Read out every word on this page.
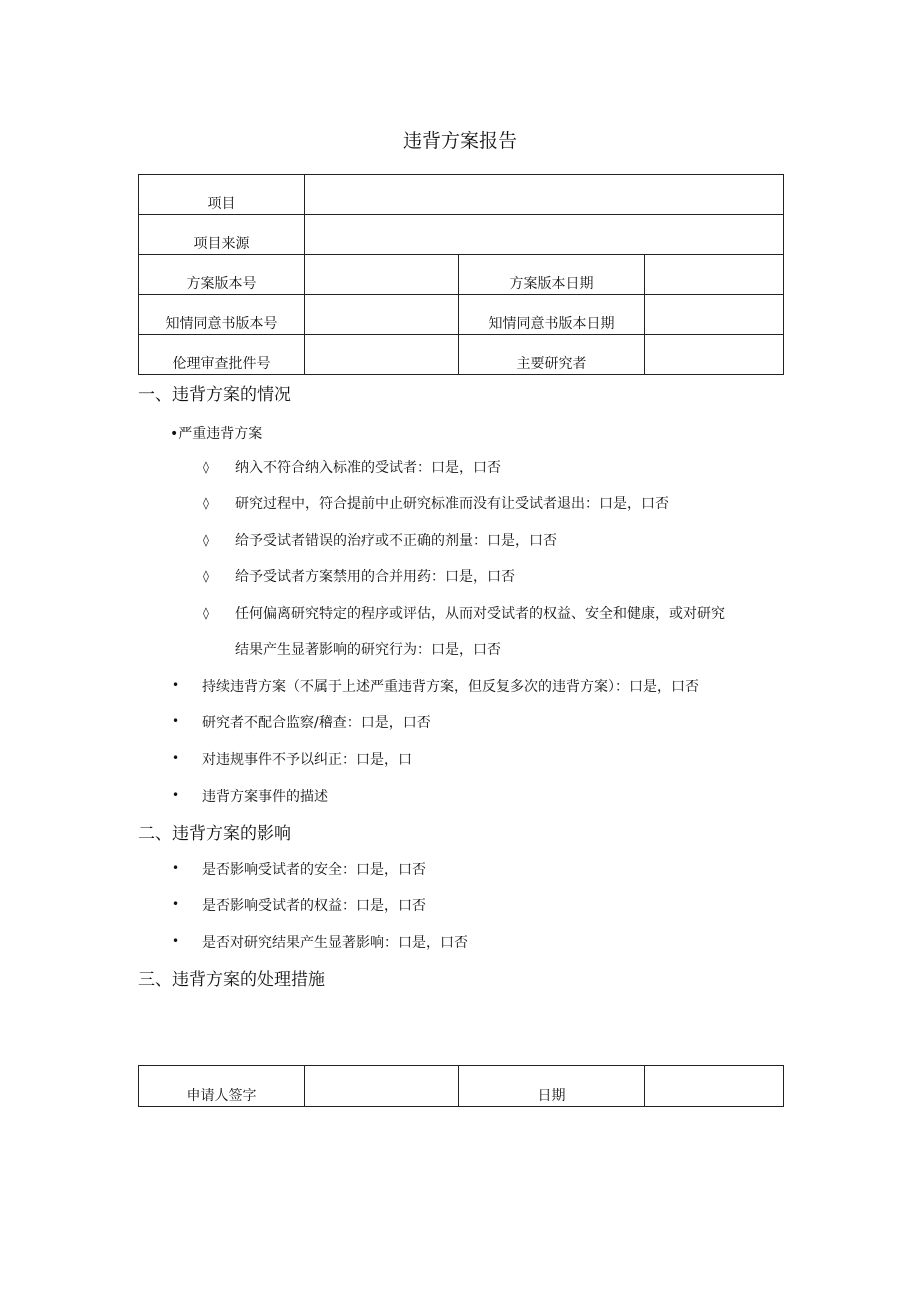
违背方案报告
项目			
项目来源			
方案版本号		方案版本日期	
知情同意书版本号		知情同意书版本日期	
伦理审查批件号		主要研究者	
一、违背方案的情况
•严重违背方案
◊ 纳入不符合纳入标准的受试者：口是，口否
◊ 研究过程中，符合提前中止研究标准而没有让受试者退出：口是，口否
◊ 给予受试者错误的治疗或不正确的剂量：口是，口否
◊ 给予受试者方案禁用的合并用药：口是，口否
◊ 任何偏离研究特定的程序或评估，从而对受试者的权益、安全和健康，或对研究
结果产生显著影响的研究行为：口是，口否
• 持续违背方案（不属于上述严重违背方案，但反复多次的违背方案）：口是，口否
• 研究者不配合监察/稽查：口是，口否
• 对违规事件不予以纠正：口是，口
• 违背方案事件的描述
二、违背方案的影响
• 是否影响受试者的安全：口是，口否
• 是否影响受试者的权益：口是，口否
• 是否对研究结果产生显著影响：口是，口否
三、违背方案的处理措施
申请人签字		日期	
